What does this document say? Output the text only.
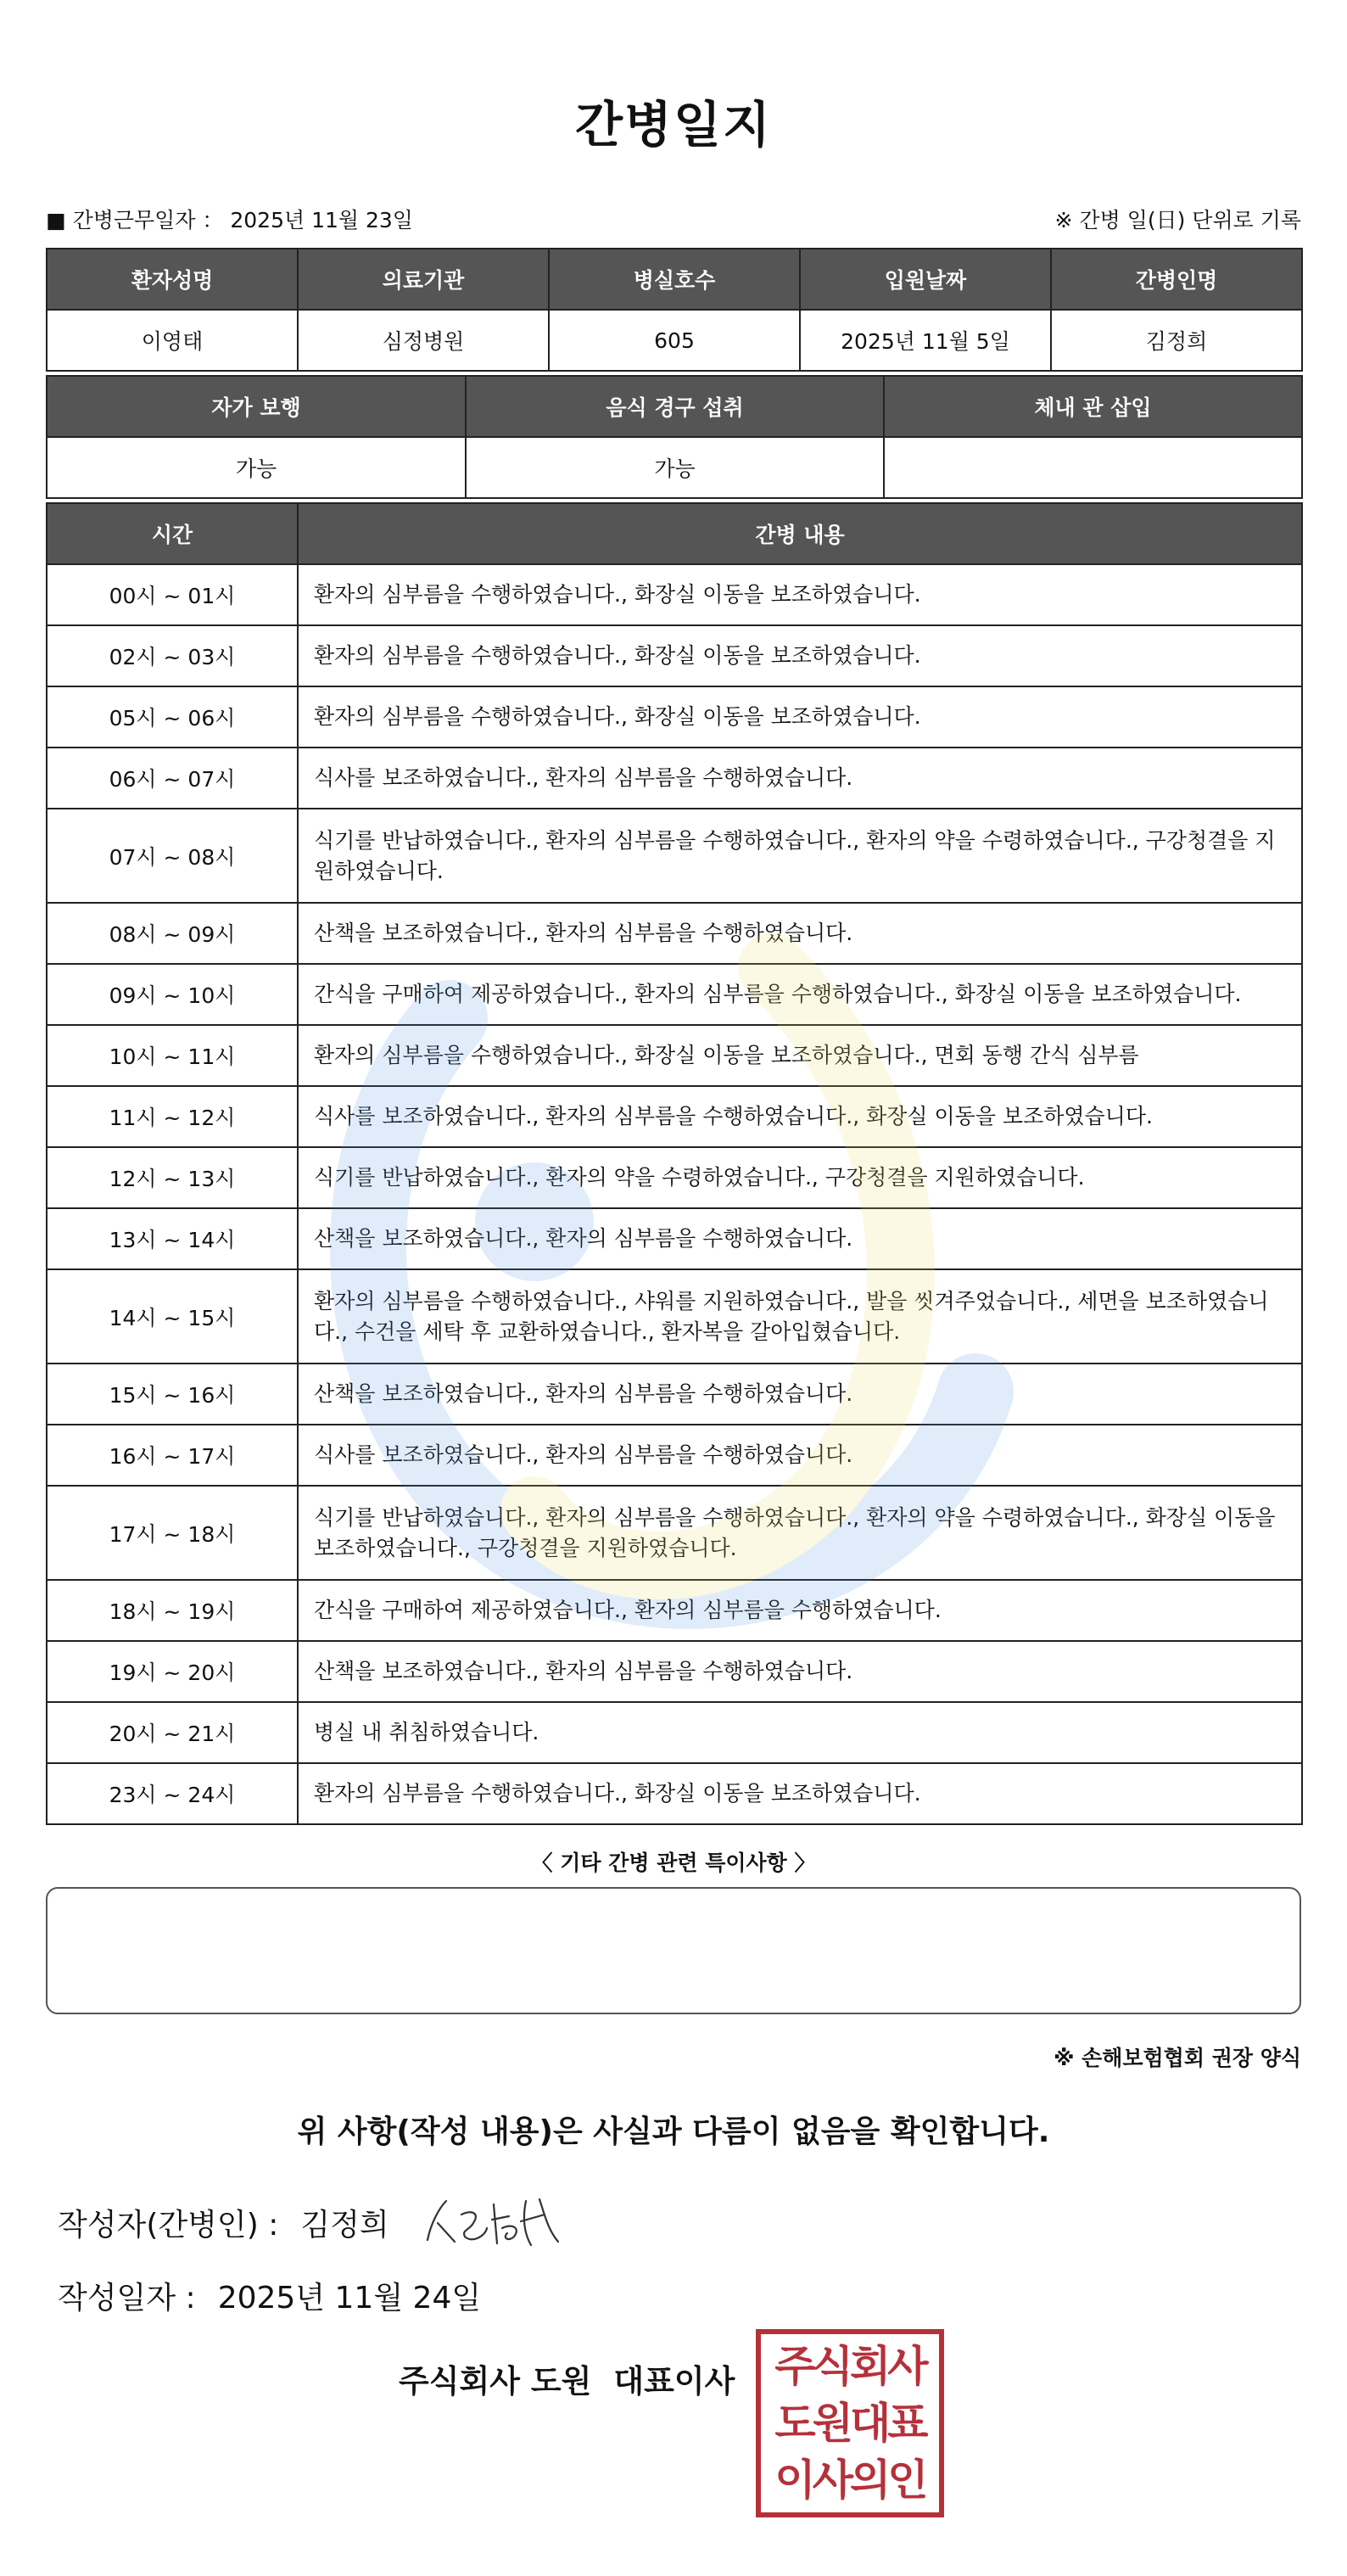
간병일지
■ 간병근무일자 ： 2025년 11월 23일	※ 간병 일(日) 단위로 기록
환자성명	의료기관	병실호수	입원날짜	간병인명
이영태	심정병원	605	2025년 11월 5일	김정희
자가 보행	음식 경구 섭취	체내 관 삽입
가능	가능	
시간	간병 내용
00시 ~ 01시	환자의 심부름을 수행하였습니다., 화장실 이동을 보조하였습니다.
02시 ~ 03시	환자의 심부름을 수행하였습니다., 화장실 이동을 보조하였습니다.
05시 ~ 06시	환자의 심부름을 수행하였습니다., 화장실 이동을 보조하였습니다.
06시 ~ 07시	식사를 보조하였습니다., 환자의 심부름을 수행하였습니다.
07시 ~ 08시	식기를 반납하였습니다., 환자의 심부름을 수행하였습니다., 환자의 약을 수령하였습니다., 구강청결을 지원하였습니다.
08시 ~ 09시	산책을 보조하였습니다., 환자의 심부름을 수행하였습니다.
09시 ~ 10시	간식을 구매하여 제공하였습니다., 환자의 심부름을 수행하였습니다., 화장실 이동을 보조하였습니다.
10시 ~ 11시	환자의 심부름을 수행하였습니다., 화장실 이동을 보조하였습니다., 면회 동행 간식 심부름
11시 ~ 12시	식사를 보조하였습니다., 환자의 심부름을 수행하였습니다., 화장실 이동을 보조하였습니다.
12시 ~ 13시	식기를 반납하였습니다., 환자의 약을 수령하였습니다., 구강청결을 지원하였습니다.
13시 ~ 14시	산책을 보조하였습니다., 환자의 심부름을 수행하였습니다.
14시 ~ 15시	환자의 심부름을 수행하였습니다., 샤워를 지원하였습니다., 발을 씻겨주었습니다., 세면을 보조하였습니다., 수건을 세탁 후 교환하였습니다., 환자복을 갈아입혔습니다.
15시 ~ 16시	산책을 보조하였습니다., 환자의 심부름을 수행하였습니다.
16시 ~ 17시	식사를 보조하였습니다., 환자의 심부름을 수행하였습니다.
17시 ~ 18시	식기를 반납하였습니다., 환자의 심부름을 수행하였습니다., 환자의 약을 수령하였습니다., 화장실 이동을 보조하였습니다., 구강청결을 지원하였습니다.
18시 ~ 19시	간식을 구매하여 제공하였습니다., 환자의 심부름을 수행하였습니다.
19시 ~ 20시	산책을 보조하였습니다., 환자의 심부름을 수행하였습니다.
20시 ~ 21시	병실 내 취침하였습니다.
23시 ~ 24시	환자의 심부름을 수행하였습니다., 화장실 이동을 보조하였습니다.
〈 기타 간병 관련 특이사항 〉
※ 손해보험협회 권장 양식
위 사항(작성 내용)은 사실과 다름이 없음을 확인합니다.
작성자(간병인) : 김정희
작성일자 : 2025년 11월 24일
주식회사 도원 대표이사 주식회사
도원대표
이사의인
